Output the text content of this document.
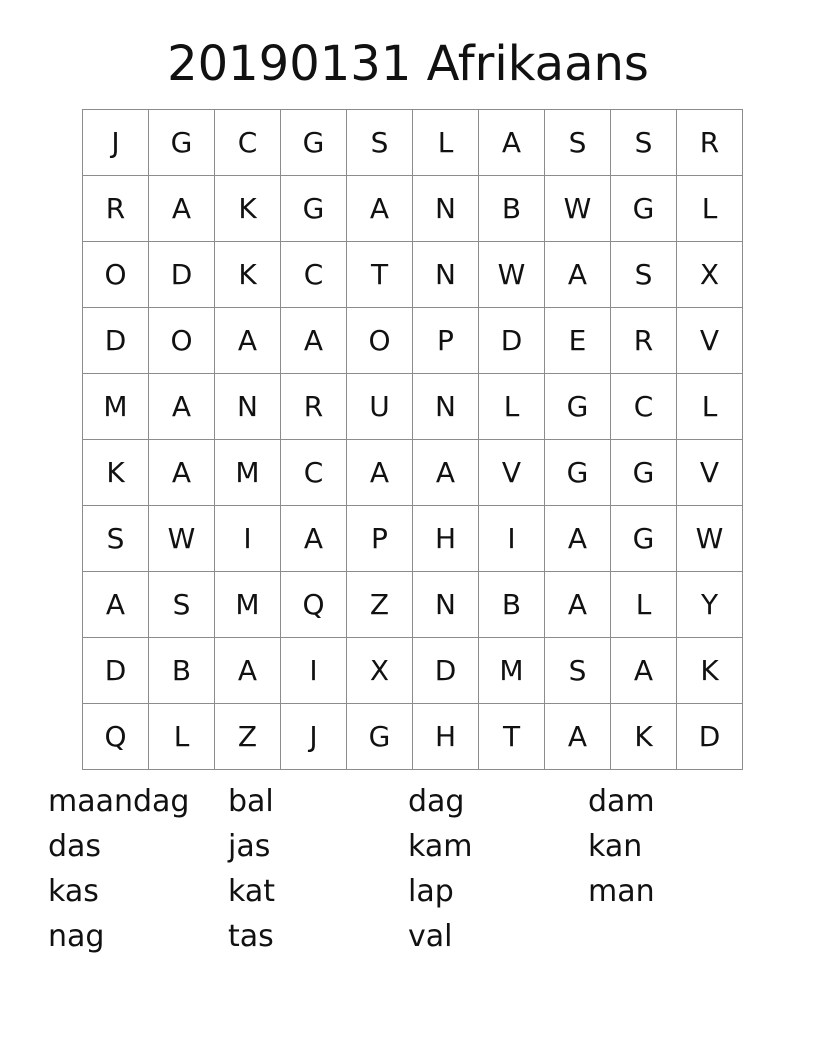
20190131 Afrikaans
J	G	C	G	S	L	A	S	S	R
R	A	K	G	A	N	B	W	G	L
O	D	K	C	T	N	W	A	S	X
D	O	A	A	O	P	D	E	R	V
M	A	N	R	U	N	L	G	C	L
K	A	M	C	A	A	V	G	G	V
S	W	I	A	P	H	I	A	G	W
A	S	M	Q	Z	N	B	A	L	Y
D	B	A	I	X	D	M	S	A	K
Q	L	Z	J	G	H	T	A	K	D
maandag	bal	dag	dam
das	jas	kam	kan
kas	kat	lap	man
nag	tas	val
